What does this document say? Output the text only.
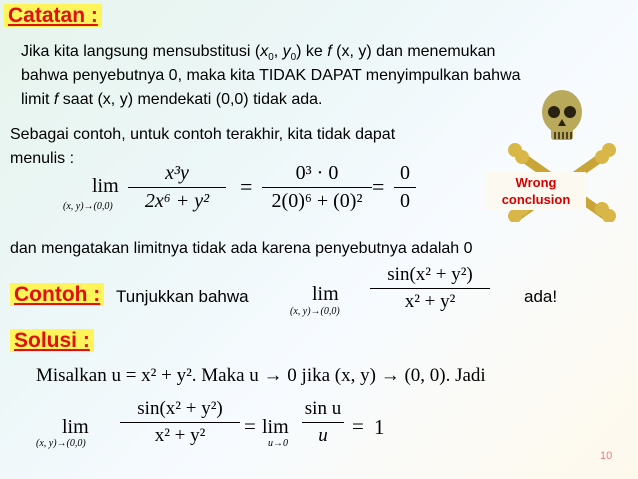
Catatan :
Jika kita langsung mensubstitusi ($x_0$, $y_0$) ke f (x, y) dan menemukan
bahwa penyebutnya 0, maka kita TIDAK DAPAT menyimpulkan bahwa
limit f saat (x, y) mendekati (0,0) tidak ada.
Sebagai contoh, untuk contoh terakhir, kita tidak dapat
menulis :
lim
(x, y)→(0,0)
x³y
2x⁶ + y²
=
0³ · 0
2(0)⁶ + (0)²
=
0
0
Wrong
conclusion
dan mengatakan limitnya tidak ada karena penyebutnya adalah 0
Contoh : Tunjukkan bahwa	lim
(x, y)→(0,0)
sin(x² + y²)
x² + y²	ada!
Solusi :
Misalkan u = x² + y². Maka u → 0 jika (x, y) → (0, 0). Jadi
lim
(x, y)→(0,0)
sin(x² + y²)
x² + y²	= lim
u→0
sin u
u	= 1
10
